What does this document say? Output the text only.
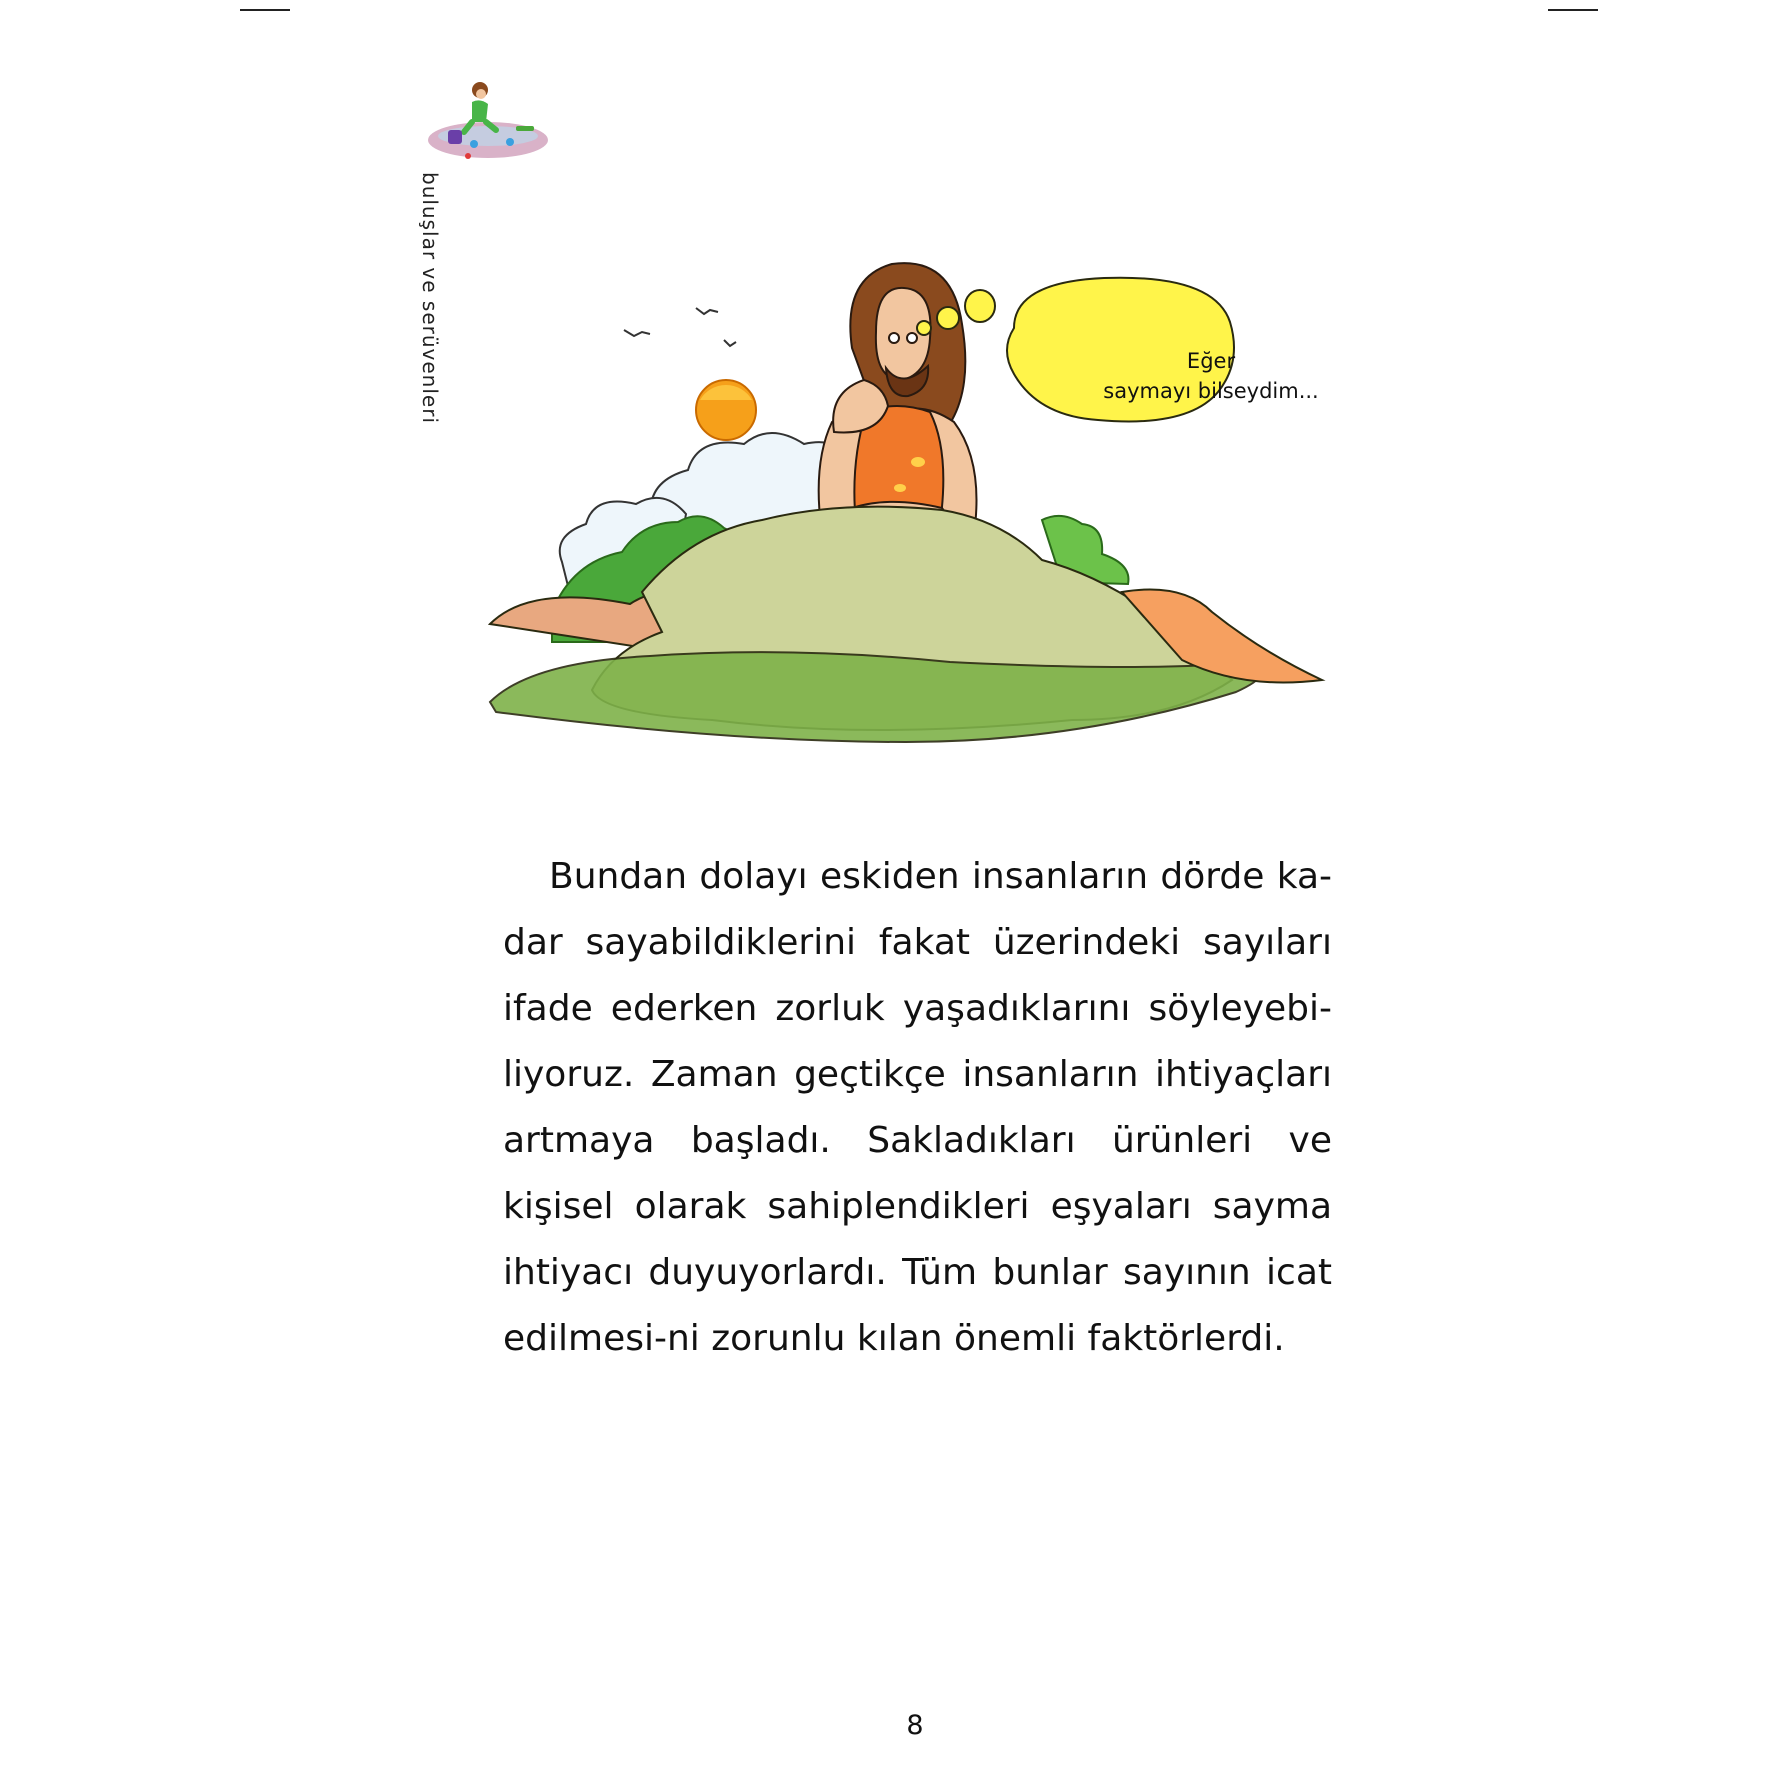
buluşlar ve serüvenleri	Eğer
saymayı bilseydim...

Bundan dolayı eskiden insanların dörde ka-dar sayabildiklerini fakat üzerindeki sayıları ifade ederken zorluk yaşadıklarını söyleyebi-liyoruz. Zaman geçtikçe insanların ihtiyaçları artmaya başladı. Sakladıkları ürünleri ve kişisel olarak sahiplendikleri eşyaları sayma ihtiyacı duyuyorlardı. Tüm bunlar sayının icat edilmesi-ni zorunlu kılan önemli faktörlerdi.

8
